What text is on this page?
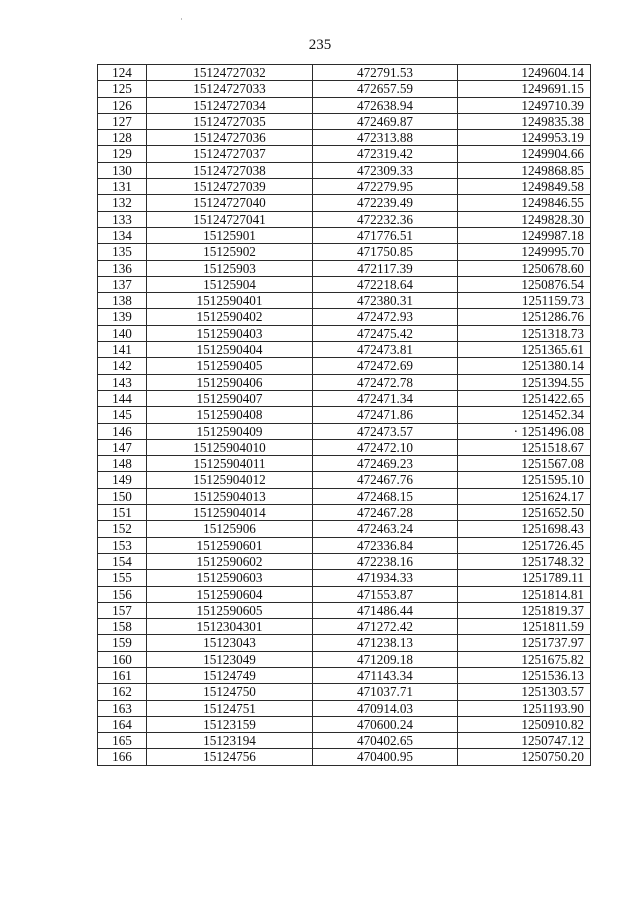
235
124	15124727032	472791.53	1249604.14
125	15124727033	472657.59	1249691.15
126	15124727034	472638.94	1249710.39
127	15124727035	472469.87	1249835.38
128	15124727036	472313.88	1249953.19
129	15124727037	472319.42	1249904.66
130	15124727038	472309.33	1249868.85
131	15124727039	472279.95	1249849.58
132	15124727040	472239.49	1249846.55
133	15124727041	472232.36	1249828.30
134	15125901	471776.51	1249987.18
135	15125902	471750.85	1249995.70
136	15125903	472117.39	1250678.60
137	15125904	472218.64	1250876.54
138	1512590401	472380.31	1251159.73
139	1512590402	472472.93	1251286.76
140	1512590403	472475.42	1251318.73
141	1512590404	472473.81	1251365.61
142	1512590405	472472.69	1251380.14
143	1512590406	472472.78	1251394.55
144	1512590407	472471.34	1251422.65
145	1512590408	472471.86	1251452.34
146	1512590409	472473.57	· 1251496.08
147	15125904010	472472.10	1251518.67
148	15125904011	472469.23	1251567.08
149	15125904012	472467.76	1251595.10
150	15125904013	472468.15	1251624.17
151	15125904014	472467.28	1251652.50
152	15125906	472463.24	1251698.43
153	1512590601	472336.84	1251726.45
154	1512590602	472238.16	1251748.32
155	1512590603	471934.33	1251789.11
156	1512590604	471553.87	1251814.81
157	1512590605	471486.44	1251819.37
158	1512304301	471272.42	1251811.59
159	15123043	471238.13	1251737.97
160	15123049	471209.18	1251675.82
161	15124749	471143.34	1251536.13
162	15124750	471037.71	1251303.57
163	15124751	470914.03	1251193.90
164	15123159	470600.24	1250910.82
165	15123194	470402.65	1250747.12
166	15124756	470400.95	1250750.20
